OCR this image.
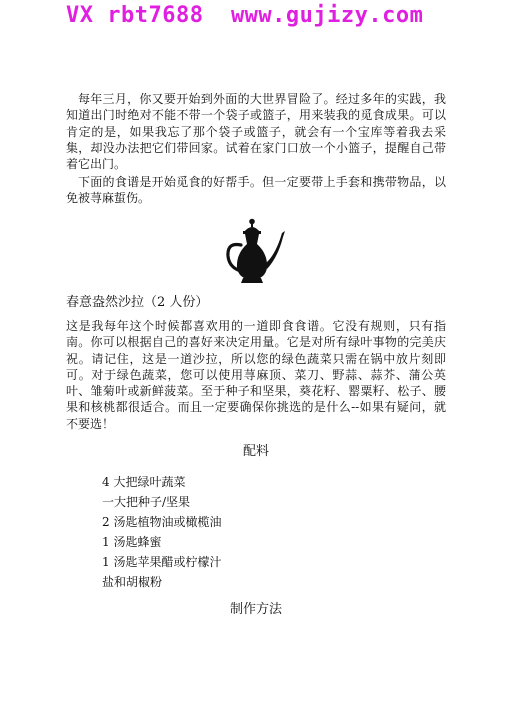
VX rbt7688  www.gujizy.com

每年三月，你又要开始到外面的大世界冒险了。经过多年的实践，我知道出门时绝对不能不带一个袋子或篮子，用来装我的觅食成果。可以肯定的是，如果我忘了那个袋子或篮子，就会有一个宝库等着我去采集，却没办法把它们带回家。试着在家门口放一个小篮子，提醒自己带着它出门。

下面的食谱是开始觅食的好帮手。但一定要带上手套和携带物品，以免被荨麻蜇伤。

春意盎然沙拉（2 人份）

这是我每年这个时候都喜欢用的一道即食食谱。它没有规则，只有指南。你可以根据自己的喜好来决定用量。它是对所有绿叶事物的完美庆祝。请记住，这是一道沙拉，所以您的绿色蔬菜只需在锅中放片刻即可。对于绿色蔬菜，您可以使用荨麻顶、菜刀、野蒜、蒜芥、蒲公英叶、雏菊叶或新鲜菠菜。至于种子和坚果，葵花籽、罂粟籽、松子、腰果和核桃都很适合。而且一定要确保你挑选的是什么--如果有疑问，就不要选！

配料
4 大把绿叶蔬菜
一大把种子/坚果
2 汤匙植物油或橄榄油
1 汤匙蜂蜜
1 汤匙苹果醋或柠檬汁
盐和胡椒粉
制作方法
